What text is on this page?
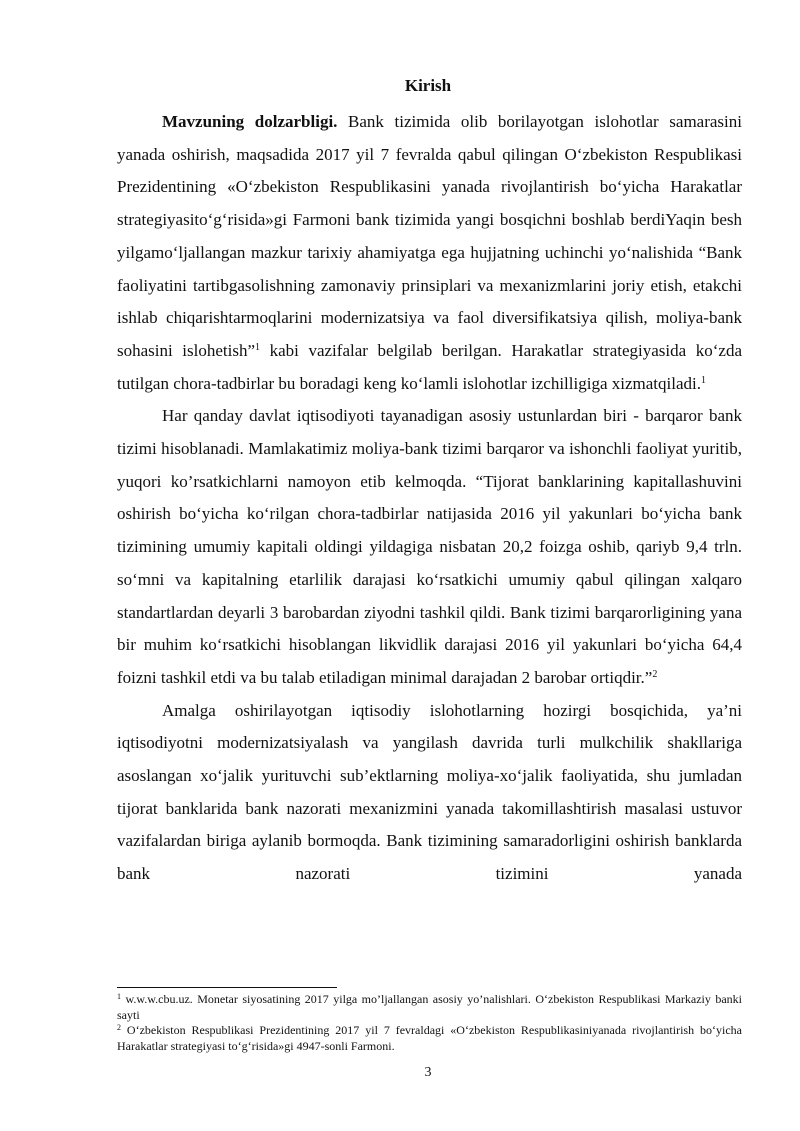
Kirish

Mavzuning dolzarbligi. Bank tizimida olib borilayotgan islohotlar samarasini yanada oshirish, maqsadida 2017 yil 7 fevralda qabul qilingan O‘zbekiston Respublikasi Prezidentining «O‘zbekiston Respublikasini yanada rivojlantirish bo‘yicha Harakatlar strategiyasito‘g‘risida»gi Farmoni bank tizimida yangi bosqichni boshlab berdiYaqin besh yilgamo‘ljallangan mazkur tarixiy ahamiyatga ega hujjatning uchinchi yo‘nalishida “Bank faoliyatini tartibgasolishning zamonaviy prinsiplari va mexanizmlarini joriy etish, etakchi ishlab chiqarishtarmoqlarini modernizatsiya va faol diversifikatsiya qilish, moliya-bank sohasini islohetish”$^1$ kabi vazifalar belgilab berilgan. Harakatlar strategiyasida ko‘zda tutilgan chora-tadbirlar bu boradagi keng ko‘lamli islohotlar izchilligiga xizmatqiladi.$^1$

Har qanday davlat iqtisodiyoti tayanadigan asosiy ustunlardan biri - barqaror bank tizimi hisoblanadi. Mamlakatimiz moliya-bank tizimi barqaror va ishonchli faoliyat yuritib, yuqori ko’rsatkichlarni namoyon etib kelmoqda. “Tijorat banklarining kapitallashuvini oshirish bo‘yicha ko‘rilgan chora-tadbirlar natijasida 2016 yil yakunlari bo‘yicha bank tizimining umumiy kapitali oldingi yildagiga nisbatan 20,2 foizga oshib, qariyb 9,4 trln. so‘mni va kapitalning etarlilik darajasi ko‘rsatkichi umumiy qabul qilingan xalqaro standartlardan deyarli 3 barobardan ziyodni tashkil qildi. Bank tizimi barqarorligining yana bir muhim ko‘rsatkichi hisoblangan likvidlik darajasi 2016 yil yakunlari bo‘yicha 64,4 foizni tashkil etdi va bu talab etiladigan minimal darajadan 2 barobar ortiqdir.”$^2$

Amalga oshirilayotgan iqtisodiy islohotlarning hozirgi bosqichida, ya’ni iqtisodiyotni modernizatsiyalash va yangilash davrida turli mulkchilik shakllariga asoslangan xo‘jalik yurituvchi sub’ektlarning moliya-xo‘jalik faoliyatida, shu jumladan tijorat banklarida bank nazorati mexanizmini yanada takomillashtirish masalasi ustuvor vazifalardan biriga aylanib bormoqda. Bank tizimining samaradorligini oshirish banklarda bank nazorati tizimini yanada

$^1$ w.w.w.cbu.uz. Monetar siyosatining 2017 yilga mo’ljallangan asosiy yo’nalishlari. O‘zbekiston Respublikasi Markaziy banki sayti

$^2$ O‘zbekiston Respublikasi Prezidentining 2017 yil 7 fevraldagi «O‘zbekiston Respublikasiniyanada rivojlantirish bo‘yicha Harakatlar strategiyasi to‘g‘risida»gi 4947-sonli Farmoni.

3
